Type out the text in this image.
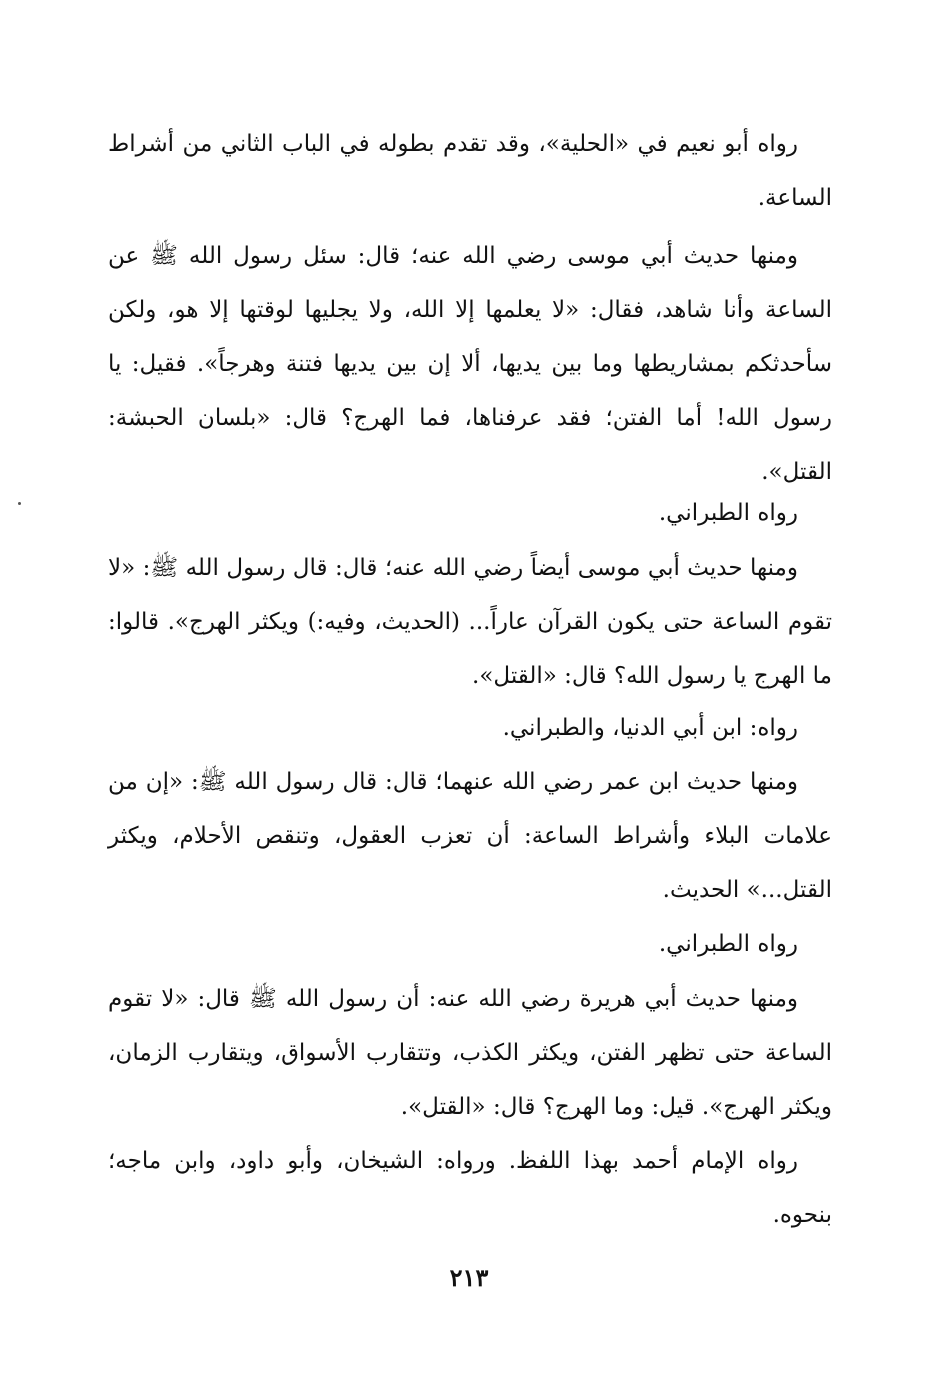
رواه أبو نعيم في «الحلية»، وقد تقدم بطوله في الباب الثاني من أشراط الساعة.

ومنها حديث أبي موسى رضي الله عنه؛ قال: سئل رسول الله ﷺ عن الساعة وأنا شاهد، فقال: «لا يعلمها إلا الله، ولا يجليها لوقتها إلا هو، ولكن سأحدثكم بمشاريطها وما بين يديها، ألا إن بين يديها فتنة وهرجاً». فقيل: يا رسول الله! أما الفتن؛ فقد عرفناها، فما الهرج؟ قال: «بلسان الحبشة: القتل».

رواه الطبراني.

ومنها حديث أبي موسى أيضاً رضي الله عنه؛ قال: قال رسول الله ﷺ: «لا تقوم الساعة حتى يكون القرآن عاراً... (الحديث، وفيه:) ويكثر الهرج». قالوا: ما الهرج يا رسول الله؟ قال: «القتل».

رواه: ابن أبي الدنيا، والطبراني.

ومنها حديث ابن عمر رضي الله عنهما؛ قال: قال رسول الله ﷺ: «إن من علامات البلاء وأشراط الساعة: أن تعزب العقول، وتنقص الأحلام، ويكثر القتل...» الحديث.

رواه الطبراني.

ومنها حديث أبي هريرة رضي الله عنه: أن رسول الله ﷺ قال: «لا تقوم الساعة حتى تظهر الفتن، ويكثر الكذب، وتتقارب الأسواق، ويتقارب الزمان، ويكثر الهرج». قيل: وما الهرج؟ قال: «القتل».

رواه الإمام أحمد بهذا اللفظ. ورواه: الشيخان، وأبو داود، وابن ماجه؛ بنحوه.

٢١٣
